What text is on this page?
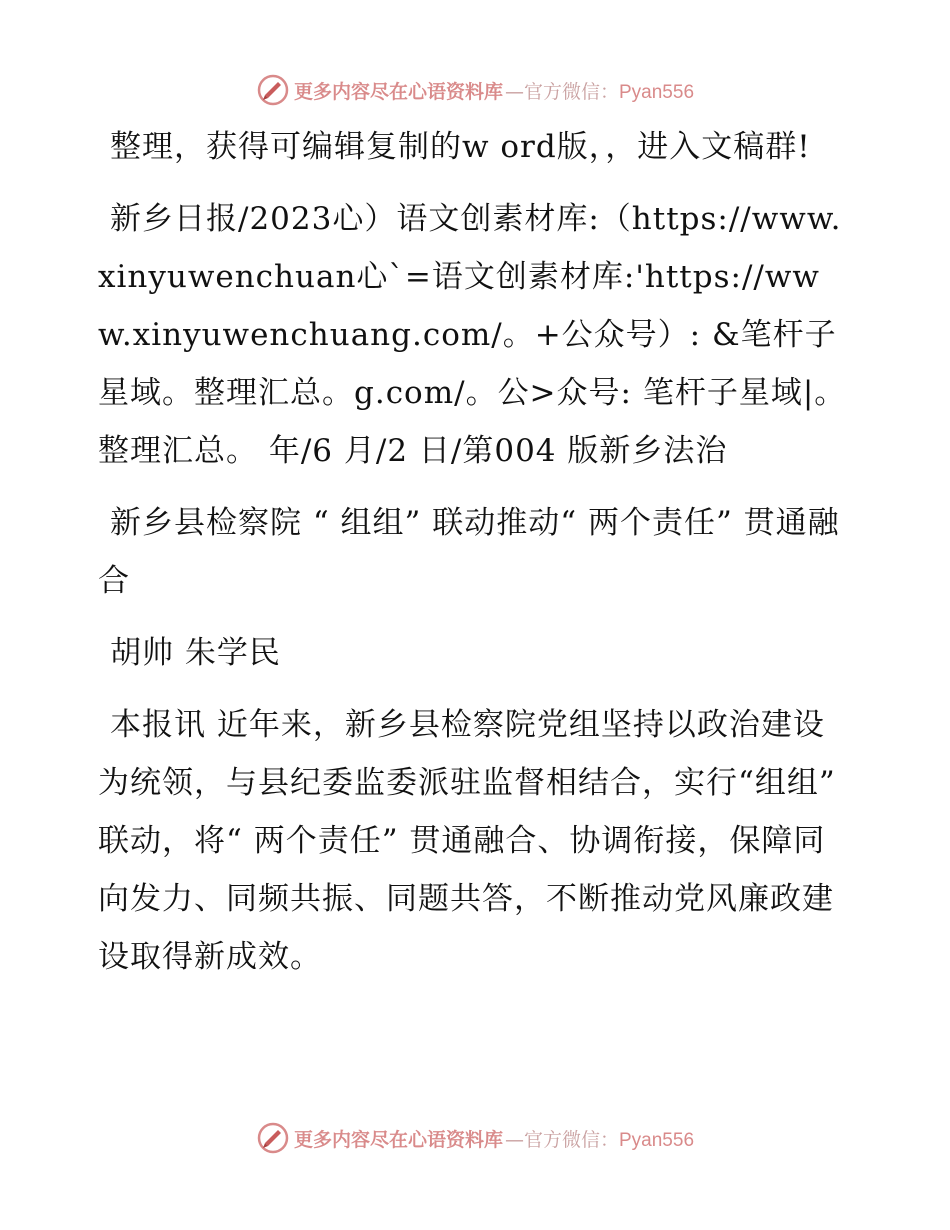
更多内容尽在心语资料库 —官方微信：Pyan556

整理，获得可编辑复制的w ord版，，进入文稿群!

新乡日报/2023心）语文创素材库:（https://www.xinyuwenchuan心`=语文创素材库:'https://www.xinyuwenchuang.com/。+公众号）: &笔杆子星域。整理汇总。g.com/。公>众号: 笔杆子星域|。整理汇总。 年/6 月/2 日/第004 版新乡法治

新乡县检察院 “ 组组” 联动推动“ 两个责任” 贯通融合

胡帅 朱学民

本报讯 近年来，新乡县检察院党组坚持以政治建设为统领，与县纪委监委派驻监督相结合，实行“组组” 联动，将“ 两个责任” 贯通融合、协调衔接，保障同向发力、同频共振、同题共答，不断推动党风廉政建设取得新成效。

更多内容尽在心语资料库 —官方微信：Pyan556
